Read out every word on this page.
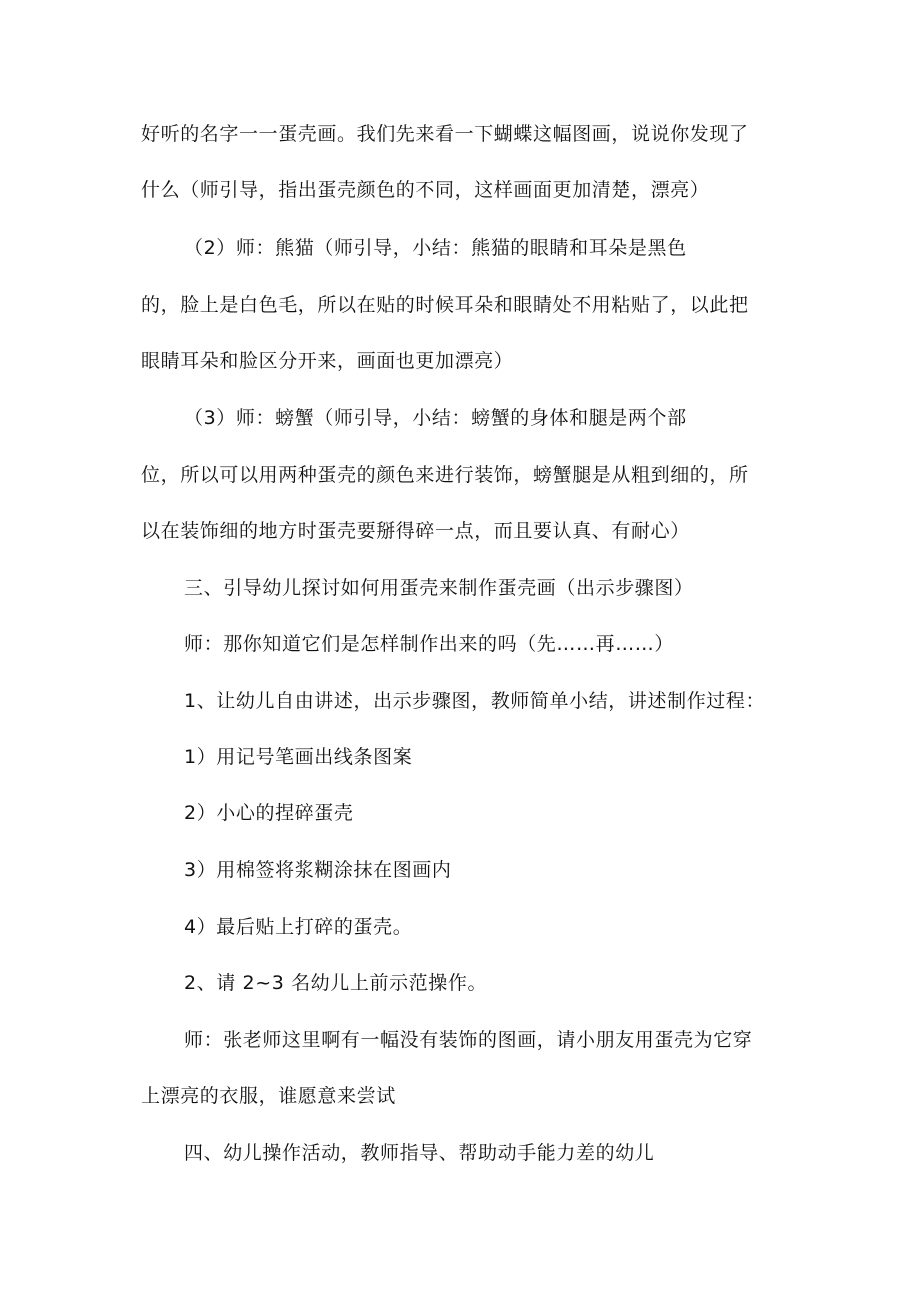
好听的名字一一蛋壳画。我们先来看一下蝴蝶这幅图画，说说你发现了
什么（师引导，指出蛋壳颜色的不同，这样画面更加清楚，漂亮）
（2）师：熊猫（师引导，小结：熊猫的眼睛和耳朵是黑色
的，脸上是白色毛，所以在贴的时候耳朵和眼睛处不用粘贴了，以此把
眼睛耳朵和脸区分开来，画面也更加漂亮）
（3）师：螃蟹（师引导，小结：螃蟹的身体和腿是两个部
位，所以可以用两种蛋壳的颜色来进行装饰，螃蟹腿是从粗到细的，所
以在装饰细的地方时蛋壳要掰得碎一点，而且要认真、有耐心）
三、引导幼儿探讨如何用蛋壳来制作蛋壳画（出示步骤图）
师：那你知道它们是怎样制作出来的吗（先……再……）
1、让幼儿自由讲述，出示步骤图，教师简单小结，讲述制作过程：
1）用记号笔画出线条图案
2）小心的捏碎蛋壳
3）用棉签将浆糊涂抹在图画内
4）最后贴上打碎的蛋壳。
2、请 2~3 名幼儿上前示范操作。
师：张老师这里啊有一幅没有装饰的图画，请小朋友用蛋壳为它穿
上漂亮的衣服，谁愿意来尝试
四、幼儿操作活动，教师指导、帮助动手能力差的幼儿
